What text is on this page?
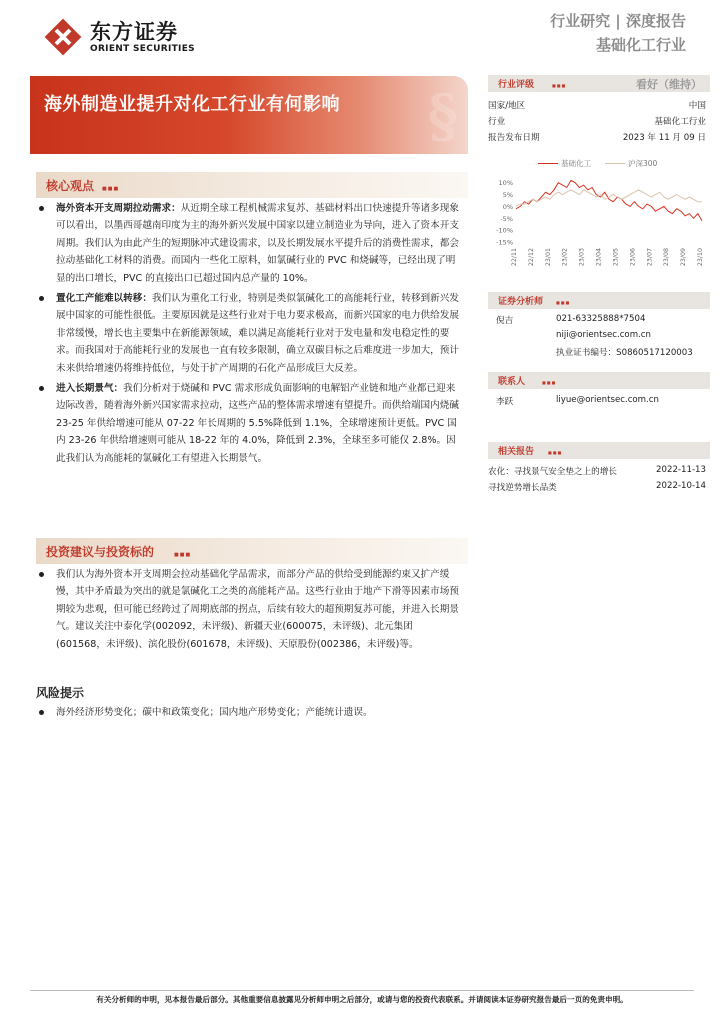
东方证券
ORIENT SECURITIES
行业研究 | 深度报告
基础化工行业
海外制造业提升对化工行业有何影响 §
核心观点 ■■■
海外资本开支周期拉动需求：从近期全球工程机械需求复苏、基础材料出口快速提升等诸多现象可以看出，以墨西哥越南印度为主的海外新兴发展中国家以建立制造业为导向，进入了资本开支周期。我们认为由此产生的短期脉冲式建设需求，以及长期发展水平提升后的消费性需求，都会拉动基础化工材料的消费。而国内一些化工原料，如氯碱行业的 PVC 和烧碱等，已经出现了明显的出口增长，PVC 的直接出口已超过国内总产量的 10%。
置化工产能难以转移：我们认为重化工行业，特别是类似氯碱化工的高能耗行业，转移到新兴发展中国家的可能性很低。主要原因就是这些行业对于电力要求极高，而新兴国家的电力供给发展非常缓慢，增长也主要集中在新能源领域，难以满足高能耗行业对于发电量和发电稳定性的要求。而我国对于高能耗行业的发展也一直有较多限制，确立双碳目标之后难度进一步加大，预计未来供给增速仍将维持低位，与处于扩产周期的石化产品形成巨大反差。
进入长期景气：我们分析对于烧碱和 PVC 需求形成负面影响的电解铝产业链和地产业都已迎来边际改善，随着海外新兴国家需求拉动，这些产品的整体需求增速有望提升。而供给端国内烧碱 23-25 年供给增速可能从 07-22 年长周期的 5.5%降低到 1.1%，全球增速预计更低。PVC 国内 23-26 年供给增速则可能从 18-22 年的 4.0%，降低到 2.3%，全球至多可能仅 2.8%。因此我们认为高能耗的氯碱化工有望进入长期景气。
投资建议与投资标的	■■■
我们认为海外资本开支周期会拉动基础化学品需求，而部分产品的供给受到能源约束又扩产缓慢，其中矛盾最为突出的就是氯碱化工之类的高能耗产品。这些行业由于地产下滑等因素市场预期较为悲观，但可能已经跨过了周期底部的拐点，后续有较大的超预期复苏可能，并进入长期景气。建议关注中泰化学(002092，未评级)、新疆天业(600075，未评级)、北元集团(601568，未评级)、滨化股份(601678，未评级)、天原股份(002386，未评级)等。
风险提示
海外经济形势变化；碳中和政策变化；国内地产形势变化；产能统计遗误。
行业评级	■■■	看好（维持）
国家/地区	中国
行业	基础化工行业
报告发布日期	2023 年 11 月 09 日
基础化工	沪深300
10%
5%
0%
-5%
-10%
-15%
22/11 22/12 23/01 23/02 23/03 23/04 23/05 23/06 23/07 23/08 23/09 23/10
证券分析师	■■■
倪吉	021-63325888*7504
niji@orientsec.com.cn
执业证书编号：S0860517120003
联系人	■■■
李跃	liyue@orientsec.com.cn
相关报告	■■■
农化：寻找景气安全垫之上的增长	2022-11-13
寻找逆势增长品类	2022-10-14
有关分析师的申明，见本报告最后部分。其他重要信息披露见分析师申明之后部分，或请与您的投资代表联系。并请阅读本证券研究报告最后一页的免责申明。
